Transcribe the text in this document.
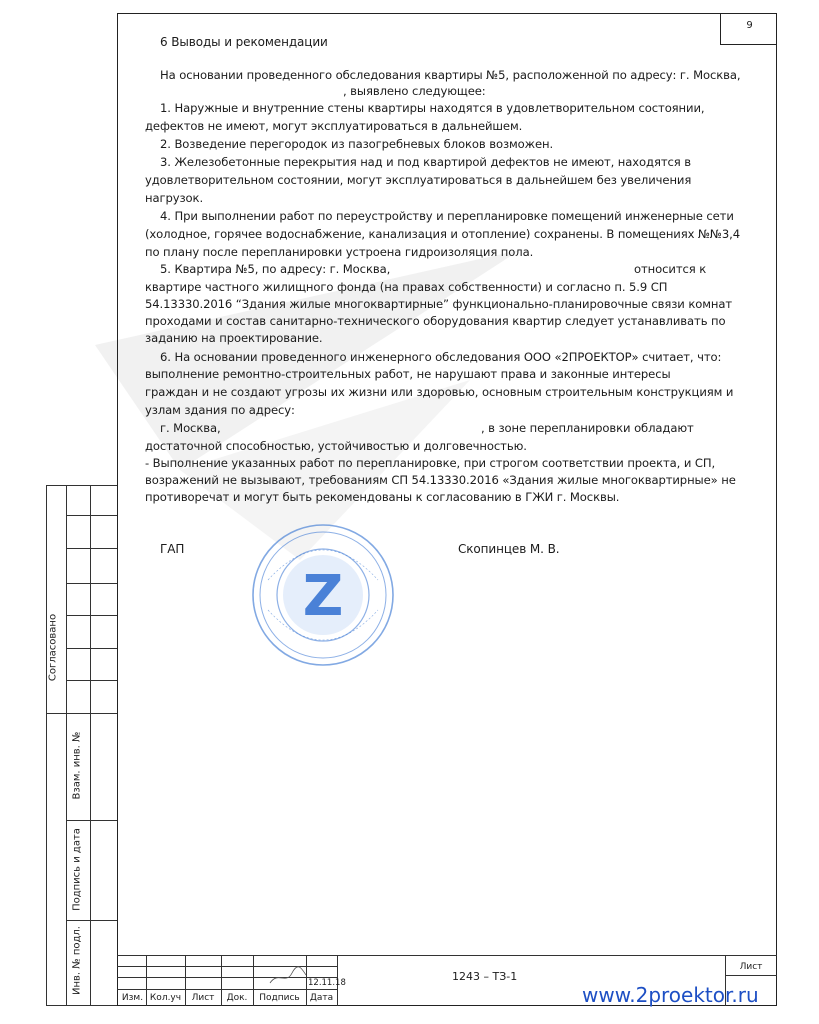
9
6 Выводы и рекомендации
На основании проведенного обследования квартиры №5, расположенной по адресу: г. Москва,
, выявлено следующее:
1. Наружные и внутренние стены квартиры находятся в удовлетворительном состоянии,
дефектов не имеют, могут эксплуатироваться в дальнейшем.
2. Возведение перегородок из пазогребневых блоков возможен.
3. Железобетонные перекрытия над и под квартирой дефектов не имеют, находятся в
удовлетворительном состоянии, могут эксплуатироваться в дальнейшем без увеличения
нагрузок.
4. При выполнении работ по переустройству и перепланировке помещений инженерные сети
(холодное, горячее водоснабжение, канализация и отопление) сохранены. В помещениях №№3,4
по плану после перепланировки устроена гидроизоляция пола.
5. Квартира №5, по адресу: г. Москва,	относится к
квартире частного жилищного фонда (на правах собственности) и согласно п. 5.9 СП
54.13330.2016 “Здания жилые многоквартирные” функционально-планировочные связи комнат
проходами и состав санитарно-технического оборудования квартир следует устанавливать по
заданию на проектирование.
6. На основании проведенного инженерного обследования ООО «2ПРОЕКТОР» считает, что:
выполнение ремонтно-строительных работ, не нарушают права и законные интересы
граждан и не создают угрозы их жизни или здоровью, основным строительным конструкциям и
узлам здания по адресу:
г. Москва,	, в зоне перепланировки обладают
достаточной способностью, устойчивостью и долговечностью.
- Выполнение указанных работ по перепланировке, при строгом соответствии проекта, и СП,
возражений не вызывают, требованиям СП 54.13330.2016 «Здания жилые многоквартирные» не
противоречат и могут быть рекомендованы к согласованию в ГЖИ г. Москвы.
ГАП	Скопинцев М. В.
Z
Согласовано
Взам. инв. №
Подпись и дата
Инв. № подл.	12.11.18
Изм. Кол.уч	Лист	Док.	Подпись	Дата
1243 – ТЗ-1
Лист
www.2proektor.ru
